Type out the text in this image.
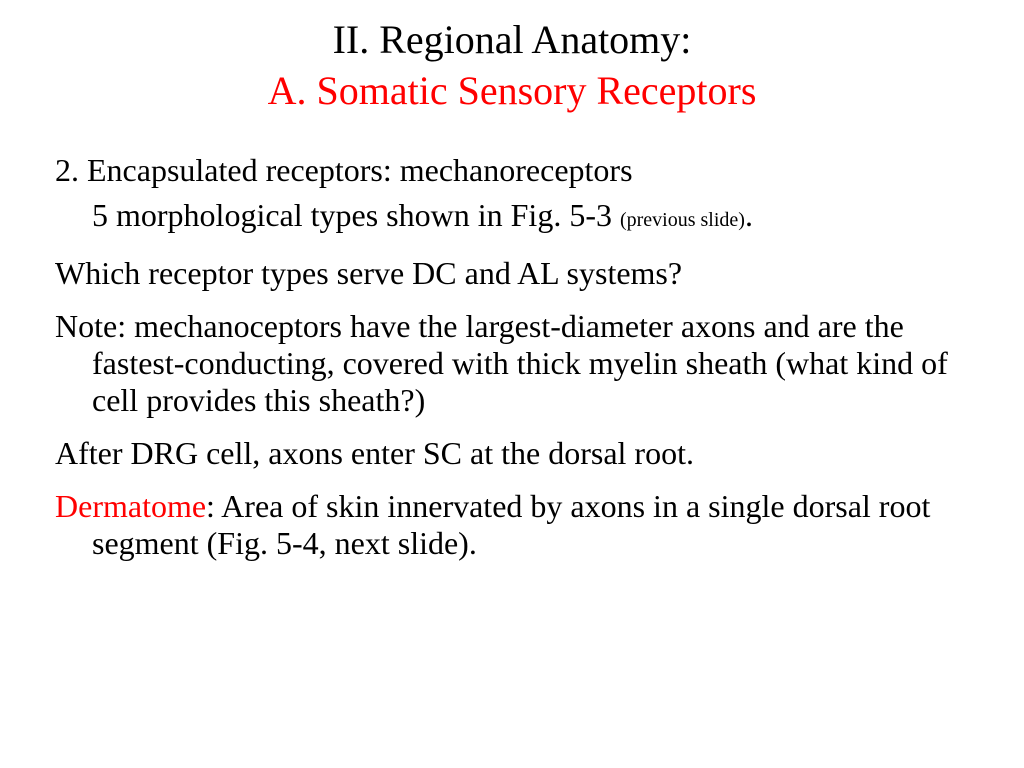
II. Regional Anatomy:
A. Somatic Sensory Receptors

2. Encapsulated receptors: mechanoreceptors

5 morphological types shown in Fig. 5-3 (previous slide).

Which receptor types serve DC and AL systems?

Note: mechanoceptors have the largest-diameter axons and are the fastest-conducting, covered with thick myelin sheath (what kind of cell provides this sheath?)

After DRG cell, axons enter SC at the dorsal root.

Dermatome: Area of skin innervated by axons in a single dorsal root segment (Fig. 5-4, next slide).
